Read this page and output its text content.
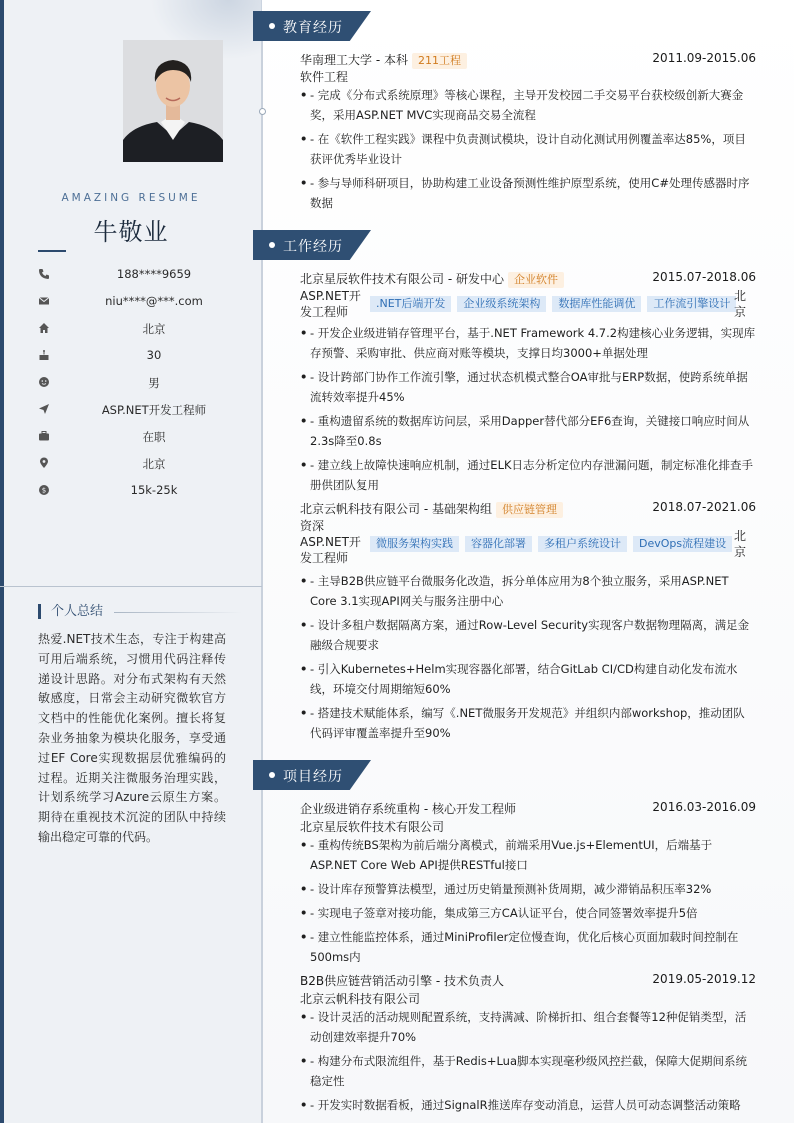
AMAZING RESUME
牛敬业
188****9659
niu****@***.com
北京
30
男
ASP.NET开发工程师
在职
北京
$	15k-25k
个人总结
热爱.NET技术生态，专注于构建高可用后端系统，习惯用代码注释传递设计思路。对分布式架构有天然敏感度，日常会主动研究微软官方文档中的性能优化案例。擅长将复杂业务抽象为模块化服务，享受通过EF Core实现数据层优雅编码的过程。近期关注微服务治理实践，计划系统学习Azure云原生方案。期待在重视技术沉淀的团队中持续输出稳定可靠的代码。
教育经历
华南理工大学 - 本科 211工程	2011.09-2015.06
软件工程
• - 完成《分布式系统原理》等核心课程，主导开发校园二手交易平台获校级创新大赛金奖，采用ASP.NET MVC实现商品交易全流程
• - 在《软件工程实践》课程中负责测试模块，设计自动化测试用例覆盖率达85%，项目获评优秀毕业设计
• - 参与导师科研项目，协助构建工业设备预测性维护原型系统，使用C#处理传感器时序数据
工作经历
北京星辰软件技术有限公司 - 研发中心 企业软件	2015.07-2018.06
ASP.NET开发工程师
.NET后端开发 企业级系统架构 数据库性能调优 工作流引擎设计
北京
• - 开发企业级进销存管理平台，基于.NET Framework 4.7.2构建核心业务逻辑，实现库存预警、采购审批、供应商对账等模块，支撑日均3000+单据处理
• - 设计跨部门协作工作流引擎，通过状态机模式整合OA审批与ERP数据，使跨系统单据流转效率提升45%
• - 重构遗留系统的数据库访问层，采用Dapper替代部分EF6查询，关键接口响应时间从2.3s降至0.8s
• - 建立线上故障快速响应机制，通过ELK日志分析定位内存泄漏问题，制定标准化排查手册供团队复用
北京云帆科技有限公司 - 基础架构组 供应链管理	2018.07-2021.06
资深ASP.NET开发工程师
微服务架构实践 容器化部署 多租户系统设计 DevOps流程建设
北京
• - 主导B2B供应链平台微服务化改造，拆分单体应用为8个独立服务，采用ASP.NET Core 3.1实现API网关与服务注册中心
• - 设计多租户数据隔离方案，通过Row-Level Security实现客户数据物理隔离，满足金融级合规要求
• - 引入Kubernetes+Helm实现容器化部署，结合GitLab CI/CD构建自动化发布流水线，环境交付周期缩短60%
• - 搭建技术赋能体系，编写《.NET微服务开发规范》并组织内部workshop，推动团队代码评审覆盖率提升至90%
项目经历
企业级进销存系统重构 - 核心开发工程师	2016.03-2016.09
北京星辰软件技术有限公司
• - 重构传统BS架构为前后端分离模式，前端采用Vue.js+ElementUI，后端基于ASP.NET Core Web API提供RESTful接口
• - 设计库存预警算法模型，通过历史销量预测补货周期，减少滞销品积压率32%
• - 实现电子签章对接功能，集成第三方CA认证平台，使合同签署效率提升5倍
• - 建立性能监控体系，通过MiniProfiler定位慢查询，优化后核心页面加载时间控制在500ms内
B2B供应链营销活动引擎 - 技术负责人	2019.05-2019.12
北京云帆科技有限公司
• - 设计灵活的活动规则配置系统，支持满减、阶梯折扣、组合套餐等12种促销类型，活动创建效率提升70%
• - 构建分布式限流组件，基于Redis+Lua脚本实现毫秒级风控拦截，保障大促期间系统稳定性
• - 开发实时数据看板，通过SignalR推送库存变动消息，运营人员可动态调整活动策略
